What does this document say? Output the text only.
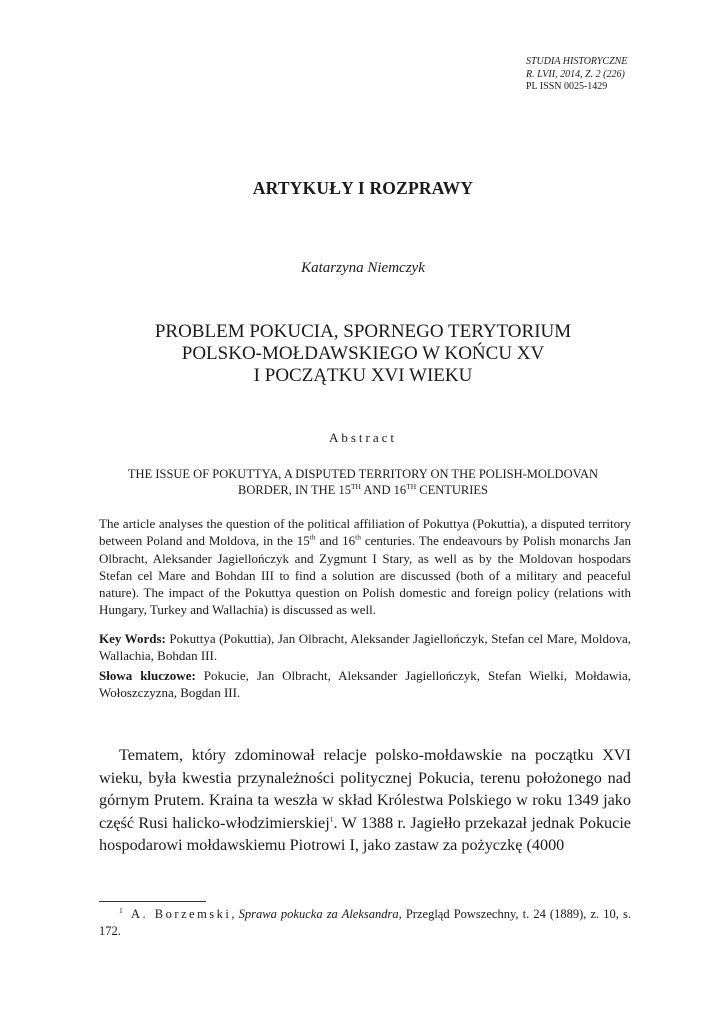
STUDIA HISTORYCZNE
R. LVII, 2014, Z. 2 (226)
PL ISSN 0025-1429
ARTYKUŁY I ROZPRAWY
Katarzyna Niemczyk
PROBLEM POKUCIA, SPORNEGO TERYTORIUM
POLSKO-MOŁDAWSKIEGO W KOŃCU XV
I POCZĄTKU XVI WIEKU
Abstract
THE ISSUE OF POKUTTYA, A DISPUTED TERRITORY ON THE POLISH-MOLDOVAN
BORDER, IN THE 15TH AND 16TH CENTURIES
The article analyses the question of the political affiliation of Pokuttya (Pokuttia), a disputed territory between Poland and Moldova, in the 15th and 16th centuries. The endeavours by Polish monarchs Jan Olbracht, Aleksander Jagiellończyk and Zygmunt I Stary, as well as by the Moldovan hospodars Stefan cel Mare and Bohdan III to find a solution are discussed (both of a military and peaceful nature). The impact of the Pokuttya question on Polish domestic and foreign policy (relations with Hungary, Turkey and Wallachia) is discussed as well.

Key Words: Pokuttya (Pokuttia), Jan Olbracht, Aleksander Jagiellończyk, Stefan cel Mare, Moldova, Wallachia, Bohdan III.

Słowa kluczowe: Pokucie, Jan Olbracht, Aleksander Jagiellończyk, Stefan Wielki, Mołdawia, Wołoszczyzna, Bogdan III.

Tematem, który zdominował relacje polsko-mołdawskie na początku XVI wieku, była kwestia przynależności politycznej Pokucia, terenu położonego nad górnym Prutem. Kraina ta weszła w skład Królestwa Polskiego w roku 1349 jako część Rusi halicko-włodzimierskiej$^1$. W 1388 r. Jagiełło przekazał jednak Pokucie hospodarowi mołdawskiemu Piotrowi I, jako zastaw za pożyczkę (4000

$^1$ A. Borzemski, Sprawa pokucka za Aleksandra, Przegląd Powszechny, t. 24 (1889), z. 10, s. 172.
